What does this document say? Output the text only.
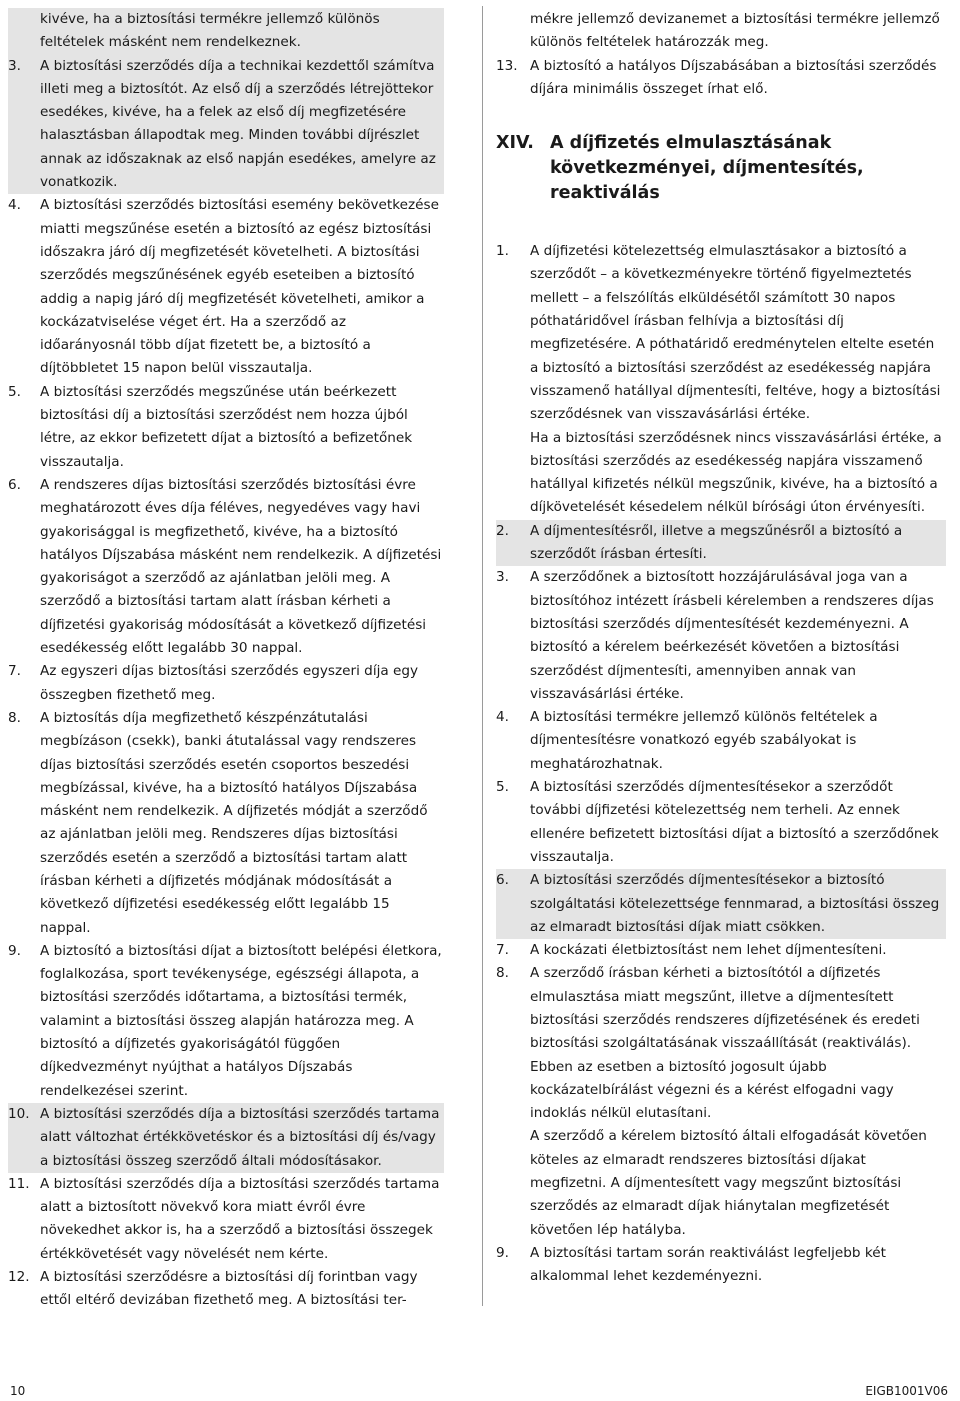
kivéve, ha a biztosítási termékre jellemző különös feltételek másként nem rendelkeznek.

3.	A biztosítási szerződés díja a technikai kezdettől számítva illeti meg a biztosítót. Az első díj a szerződés létrejöttekor esedékes, kivéve, ha a felek az első díj megfizetésére halasztásban állapodtak meg. Minden további díjrészlet annak az időszaknak az első napján esedékes, amelyre az vonatkozik.
4.	A biztosítási szerződés biztosítási esemény bekövetkezése miatti megszűnése esetén a biztosító az egész biztosítási időszakra járó díj megfizetését követelheti. A biztosítási szerződés megszűnésének egyéb eseteiben a biztosító addig a napig járó díj megfizetését követelheti, amikor a kockázatviselése véget ért. Ha a szerződő az időarányosnál több díjat fizetett be, a biztosító a díjtöbbletet 15 napon belül visszautalja.
5.	A biztosítási szerződés megszűnése után beérkezett biztosítási díj a biztosítási szerződést nem hozza újból létre, az ekkor befizetett díjat a biztosító a befizetőnek visszautalja.
6.	A rendszeres díjas biztosítási szerződés biztosítási évre meghatározott éves díja féléves, negyedéves vagy havi gyakorisággal is megfizethető, kivéve, ha a biztosító hatályos Díjszabása másként nem rendelkezik. A díjfizetési gyakoriságot a szerződő az ajánlatban jelöli meg. A szerződő a biztosítási tartam alatt írásban kérheti a díjfizetési gyakoriság módosítását a következő díjfizetési esedékesség előtt legalább 30 nappal.
7.	Az egyszeri díjas biztosítási szerződés egyszeri díja egy összegben fizethető meg.
8.	A biztosítás díja megfizethető készpénzátutalási megbízáson (csekk), banki átutalással vagy rendszeres díjas biztosítási szerződés esetén csoportos beszedési megbízással, kivéve, ha a biztosító hatályos Díjszabása másként nem rendelkezik. A díjfizetés módját a szerződő az ajánlatban jelöli meg. Rendszeres díjas biztosítási szerződés esetén a szerződő a biztosítási tartam alatt írásban kérheti a díjfizetés módjának módosítását a következő díjfizetési esedékesség előtt legalább 15 nappal.
9.	A biztosító a biztosítási díjat a biztosított belépési életkora, foglalkozása, sport tevékenysége, egészségi állapota, a biztosítási szerződés időtartama, a biztosítási termék, valamint a biztosítási összeg alapján határozza meg. A biztosító a díjfizetés gyakoriságától függően díjkedvezményt nyújthat a hatályos Díjszabás rendelkezései szerint.
10. A biztosítási szerződés díja a biztosítási szerződés tartama alatt változhat értékkövetéskor és a biztosítási díj és/vagy a biztosítási összeg szerződő általi módosításakor.
11. A biztosítási szerződés díja a biztosítási szerződés tartama alatt a biztosított növekvő kora miatt évről évre növekedhet akkor is, ha a szerződő a biztosítási összegek értékkövetését vagy növelését nem kérte.
12. A biztosítási szerződésre a biztosítási díj forintban vagy ettől eltérő devizában fizethető meg. A biztosítási ter-

mékre jellemző devizanemet a biztosítási termékre jellemző különös feltételek határozzák meg.

13. A biztosító a hatályos Díjszabásában a biztosítási szerződés díjára minimális összeget írhat elő.
XIV. A díjfizetés elmulasztásának következményei, díjmentesítés, reaktiválás
1.	A díjfizetési kötelezettség elmulasztásakor a biztosító a szerződőt – a következményekre történő figyelmeztetés mellett – a felszólítás elküldésétől számított 30 napos póthatáridővel írásban felhívja a biztosítási díj megfizetésére. A póthatáridő eredménytelen eltelte esetén a biztosító a biztosítási szerződést az esedékesség napjára visszamenő hatállyal díjmentesíti, feltéve, hogy a biztosítási szerződésnek van visszavásárlási értéke.
Ha a biztosítási szerződésnek nincs visszavásárlási értéke, a biztosítási szerződés az esedékesség napjára visszamenő hatállyal kifizetés nélkül megszűnik, kivéve, ha a biztosító a díjkövetelését késedelem nélkül bírósági úton érvényesíti.
2.	A díjmentesítésről, illetve a megszűnésről a biztosító a szerződőt írásban értesíti.
3.	A szerződőnek a biztosított hozzájárulásával joga van a biztosítóhoz intézett írásbeli kérelemben a rendszeres díjas biztosítási szerződés díjmentesítését kezdeményezni. A biztosító a kérelem beérkezését követően a biztosítási szerződést díjmentesíti, amennyiben annak van visszavásárlási értéke.
4.	A biztosítási termékre jellemző különös feltételek a díjmentesítésre vonatkozó egyéb szabályokat is meghatározhatnak.
5.	A biztosítási szerződés díjmentesítésekor a szerződőt további díjfizetési kötelezettség nem terheli. Az ennek ellenére befizetett biztosítási díjat a biztosító a szerződőnek visszautalja.
6.	A biztosítási szerződés díjmentesítésekor a biztosító szolgáltatási kötelezettsége fennmarad, a biztosítási összeg az elmaradt biztosítási díjak miatt csökken.
7.	A kockázati életbiztosítást nem lehet díjmentesíteni.
8.	A szerződő írásban kérheti a biztosítótól a díjfizetés elmulasztása miatt megszűnt, illetve a díjmentesített biztosítási szerződés rendszeres díjfizetésének és eredeti biztosítási szolgáltatásának visszaállítását (reaktiválás). Ebben az esetben a biztosító jogosult újabb kockázatelbírálást végezni és a kérést elfogadni vagy indoklás nélkül elutasítani.
A szerződő a kérelem biztosító általi elfogadását követően köteles az elmaradt rendszeres biztosítási díjakat megfizetni. A díjmentesített vagy megszűnt biztosítási szerződés az elmaradt díjak hiánytalan megfizetését követően lép hatályba.
9.	A biztosítási tartam során reaktiválást legfeljebb két alkalommal lehet kezdeményezni.
10	EIGB1001V06
